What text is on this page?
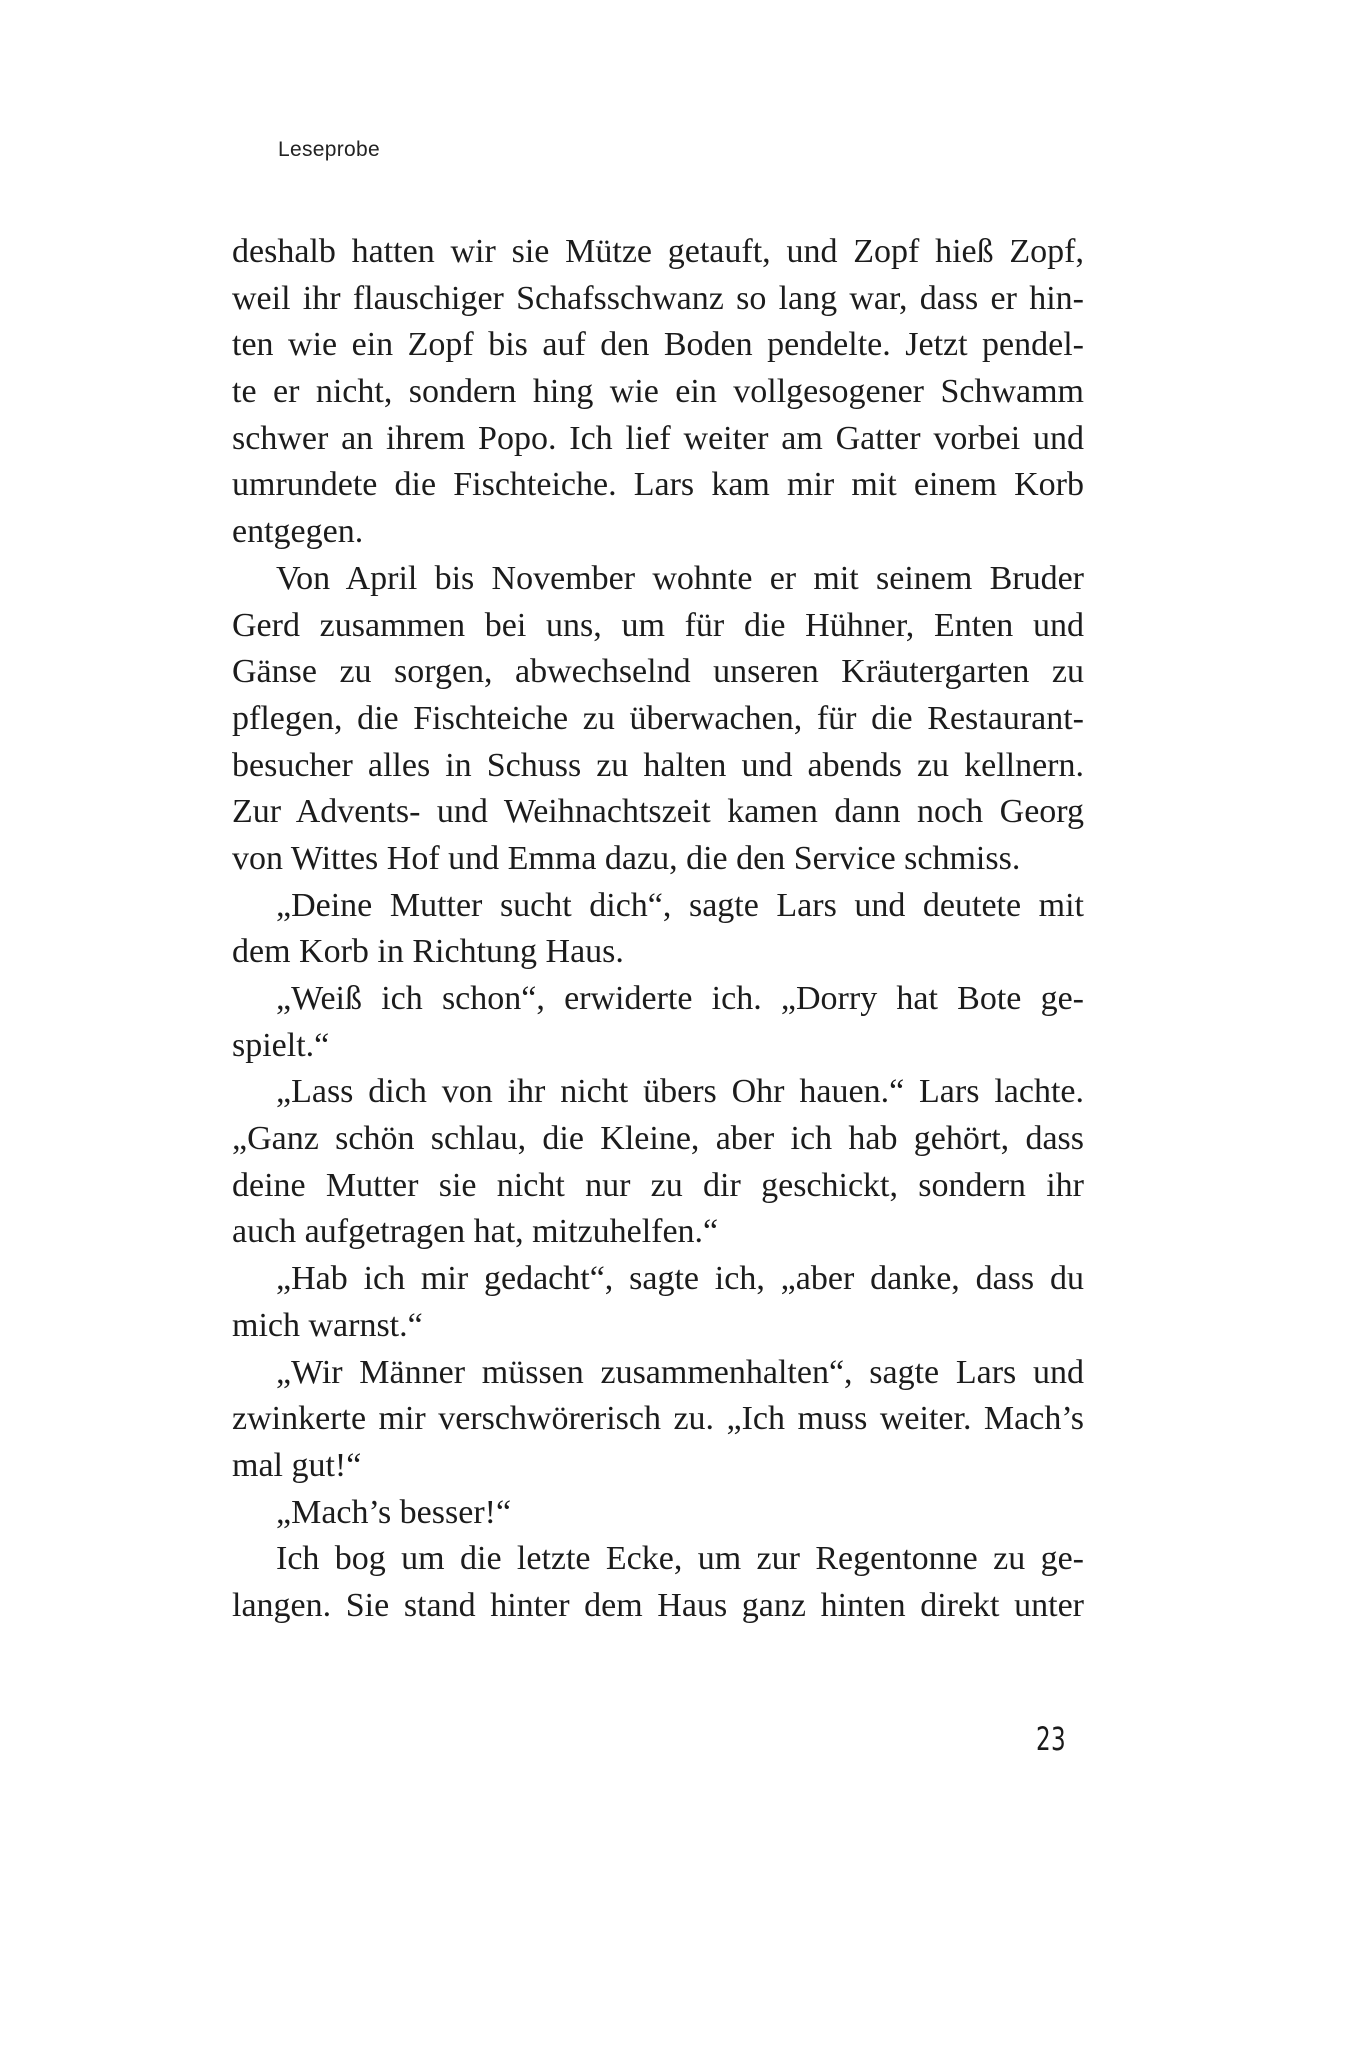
Leseprobe
deshalb hatten wir sie Mütze getauft, und Zopf hieß Zopf,
weil ihr flauschiger Schafsschwanz so lang war, dass er hin-
ten wie ein Zopf bis auf den Boden pendelte. Jetzt pendel-
te er nicht, sondern hing wie ein vollgesogener Schwamm
schwer an ihrem Popo. Ich lief weiter am Gatter vorbei und
umrundete die Fischteiche. Lars kam mir mit einem Korb
entgegen.
Von April bis November wohnte er mit seinem Bruder
Gerd zusammen bei uns, um für die Hühner, Enten und
Gänse zu sorgen, abwechselnd unseren Kräutergarten zu
pflegen, die Fischteiche zu überwachen, für die Restaurant-
besucher alles in Schuss zu halten und abends zu kellnern.
Zur Advents- und Weihnachtszeit kamen dann noch Georg
von Wittes Hof und Emma dazu, die den Service schmiss.
„Deine Mutter sucht dich“, sagte Lars und deutete mit
dem Korb in Richtung Haus.
„Weiß ich schon“, erwiderte ich. „Dorry hat Bote ge-
spielt.“
„Lass dich von ihr nicht übers Ohr hauen.“ Lars lachte.
„Ganz schön schlau, die Kleine, aber ich hab gehört, dass
deine Mutter sie nicht nur zu dir geschickt, sondern ihr
auch aufgetragen hat, mitzuhelfen.“
„Hab ich mir gedacht“, sagte ich, „aber danke, dass du
mich warnst.“
„Wir Männer müssen zusammenhalten“, sagte Lars und
zwinkerte mir verschwörerisch zu. „Ich muss weiter. Mach’s
mal gut!“
„Mach’s besser!“
Ich bog um die letzte Ecke, um zur Regentonne zu ge-
langen. Sie stand hinter dem Haus ganz hinten direkt unter
23
